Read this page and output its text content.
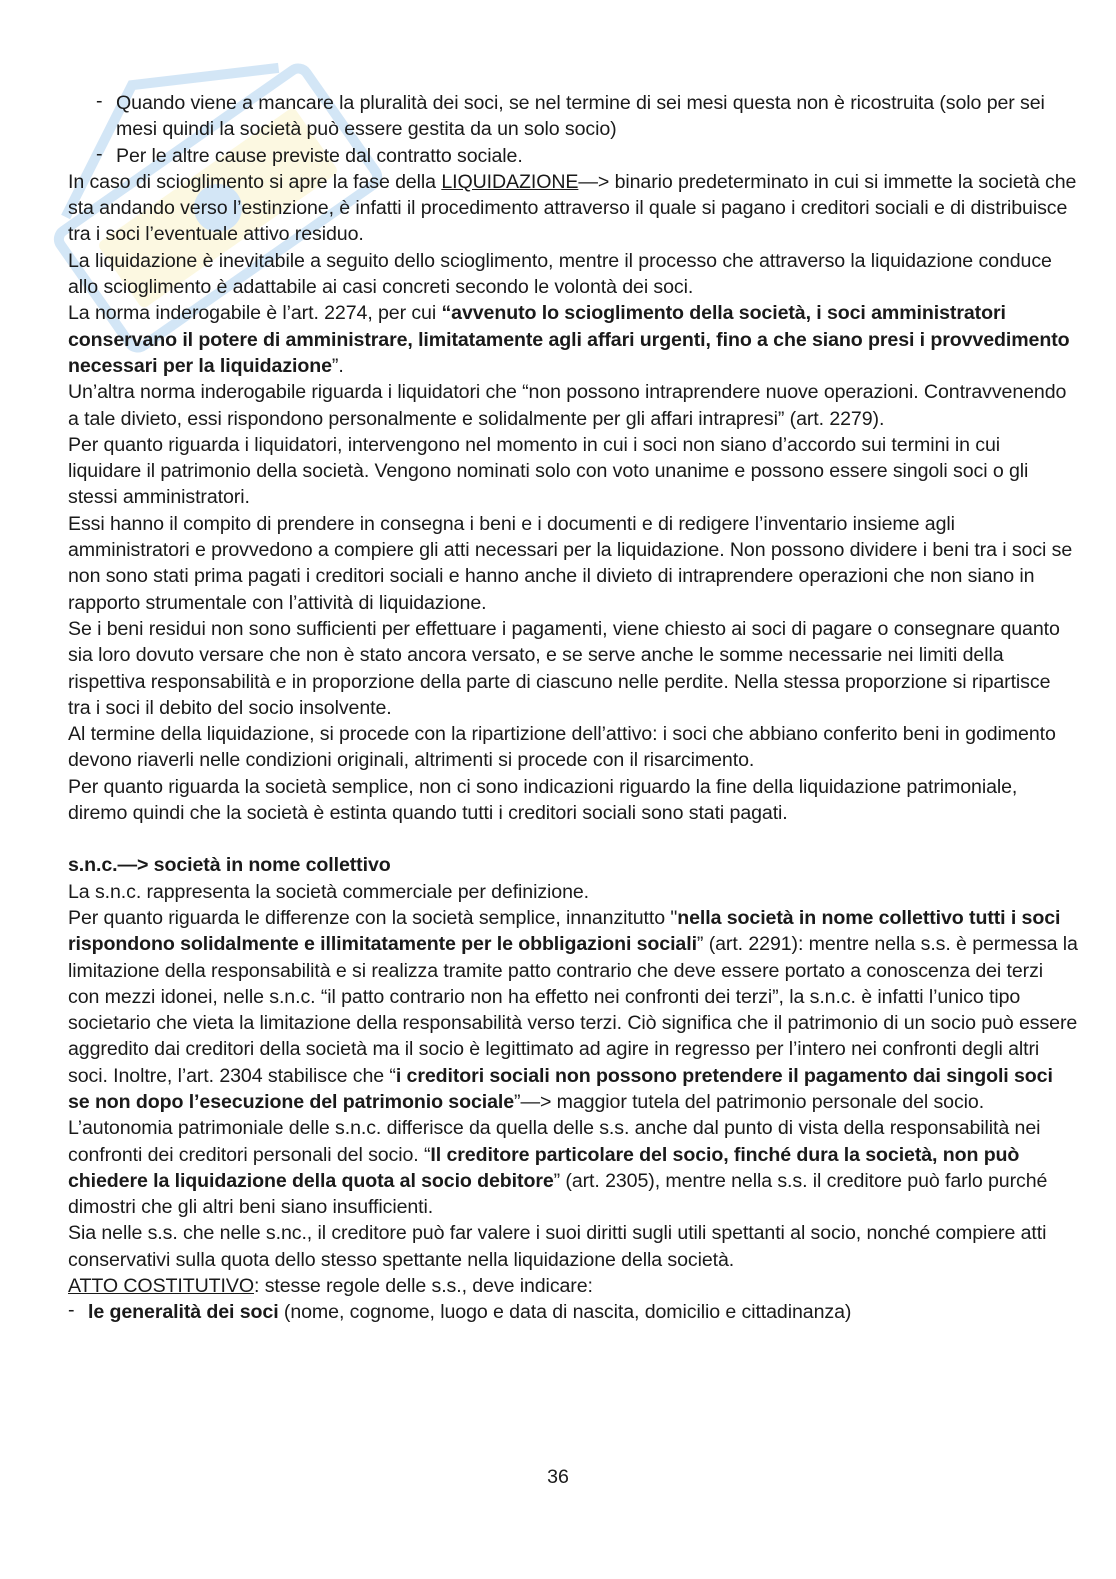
- Quando viene a mancare la pluralità dei soci, se nel termine di sei mesi questa non è ricostruita (solo per sei mesi quindi la società può essere gestita da un solo socio)

- Per le altre cause previste dal contratto sociale.

In caso di scioglimento si apre la fase della LIQUIDAZIONE—> binario predeterminato in cui si immette la società che sta andando verso l’estinzione, è infatti il procedimento attraverso il quale si pagano i creditori sociali e di distribuisce tra i soci l’eventuale attivo residuo.

La liquidazione è inevitabile a seguito dello scioglimento, mentre il processo che attraverso la liquidazione conduce allo scioglimento è adattabile ai casi concreti secondo le volontà dei soci.

La norma inderogabile è l’art. 2274, per cui “avvenuto lo scioglimento della società, i soci amministratori conservano il potere di amministrare, limitatamente agli affari urgenti, fino a che siano presi i provvedimento necessari per la liquidazione”.

Un’altra norma inderogabile riguarda i liquidatori che “non possono intraprendere nuove operazioni. Contravvenendo a tale divieto, essi rispondono personalmente e solidalmente per gli affari intrapresi” (art. 2279).

Per quanto riguarda i liquidatori, intervengono nel momento in cui i soci non siano d’accordo sui termini in cui liquidare il patrimonio della società. Vengono nominati solo con voto unanime e possono essere singoli soci o gli stessi amministratori.

Essi hanno il compito di prendere in consegna i beni e i documenti e di redigere l’inventario insieme agli amministratori e provvedono a compiere gli atti necessari per la liquidazione. Non possono dividere i beni tra i soci se non sono stati prima pagati i creditori sociali e hanno anche il divieto di intraprendere operazioni che non siano in rapporto strumentale con l’attività di liquidazione.

Se i beni residui non sono sufficienti per effettuare i pagamenti, viene chiesto ai soci di pagare o consegnare quanto sia loro dovuto versare che non è stato ancora versato, e se serve anche le somme necessarie nei limiti della rispettiva responsabilità e in proporzione della parte di ciascuno nelle perdite. Nella stessa proporzione si ripartisce tra i soci il debito del socio insolvente.

Al termine della liquidazione, si procede con la ripartizione dell’attivo: i soci che abbiano conferito beni in godimento devono riaverli nelle condizioni originali, altrimenti si procede con il risarcimento.

Per quanto riguarda la società semplice, non ci sono indicazioni riguardo la fine della liquidazione patrimoniale, diremo quindi che la società è estinta quando tutti i creditori sociali sono stati pagati.

s.n.c.—> società in nome collettivo

La s.n.c. rappresenta la società commerciale per definizione.

Per quanto riguarda le differenze con la società semplice, innanzitutto "nella società in nome collettivo tutti i soci rispondono solidalmente e illimitatamente per le obbligazioni sociali” (art. 2291): mentre nella s.s. è permessa la limitazione della responsabilità e si realizza tramite patto contrario che deve essere portato a conoscenza dei terzi con mezzi idonei, nelle s.n.c. “il patto contrario non ha effetto nei confronti dei terzi”, la s.n.c. è infatti l’unico tipo societario che vieta la limitazione della responsabilità verso terzi. Ciò significa che il patrimonio di un socio può essere aggredito dai creditori della società ma il socio è legittimato ad agire in regresso per l’intero nei confronti degli altri soci. Inoltre, l’art. 2304 stabilisce che “i creditori sociali non possono pretendere il pagamento dai singoli soci se non dopo l’esecuzione del patrimonio sociale”—> maggior tutela del patrimonio personale del socio.

L’autonomia patrimoniale delle s.n.c. differisce da quella delle s.s. anche dal punto di vista della responsabilità nei confronti dei creditori personali del socio. “Il creditore particolare del socio, finché dura la società, non può chiedere la liquidazione della quota al socio debitore” (art. 2305), mentre nella s.s. il creditore può farlo purché dimostri che gli altri beni siano insufficienti.

Sia nelle s.s. che nelle s.nc., il creditore può far valere i suoi diritti sugli utili spettanti al socio, nonché compiere atti conservativi sulla quota dello stesso spettante nella liquidazione della società.

ATTO COSTITUTIVO: stesse regole delle s.s., deve indicare:

- le generalità dei soci (nome, cognome, luogo e data di nascita, domicilio e cittadinanza)

36
